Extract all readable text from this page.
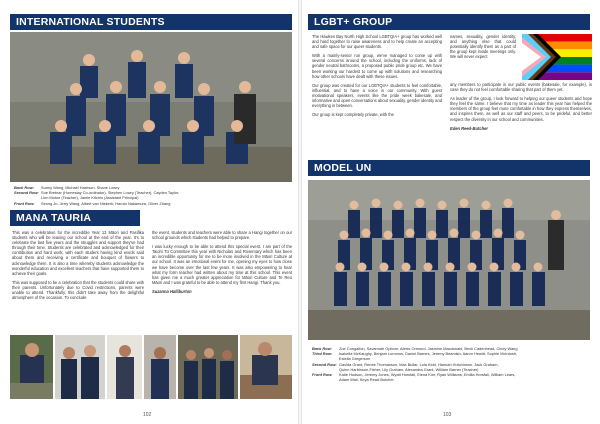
INTERNATIONAL STUDENTS
Back Row: Sunny Wang, Michael Harrison, Shane Lowry
Second Row: Sue Bretnar (Homestay Co-ordinator), Stephen Lowry (Teacher), Cayden Taylor,
Linn Motoe (Teacher), Jamie Kitchin (Assistant Principal)
Front Row: Seong Ju, Jerry Wang, Albert van Niekerk, Haruto Nakamura, Oliver Zhang
MANA TAURIA

This was a celebration for the incredible Year 13 Māori and Pasifika students who will be leaving our school at the end of the year. It's to celebrate the last five years and the struggles and support they've had through their time. Students are celebrated and acknowledged for their contribution and hard work, with each student having kind words said about them and receiving a certificate and bouquet of flowers to acknowledge them. It is also a time whereby students acknowledge the wonderful education and excellent teachers that have supported them to achieve their goals.

This was supposed to be a celebration that the students could share with their parents. Unfortunately due to Covid restrictions, parents were unable to attend. Thankfully, this didn't take away from the delightful atmosphere of the occasion. To conclude

the event, students and teachers were able to share a Hangi together on our school grounds which students had helped to prepare.

I was lucky enough to be able to attend this special event. I am part of the Taiohi Tū Committee this year with Nicholas and Rosemary which has been an incredible opportunity for me to be more involved in the Māori Culture at our school. It was an emotional event for me, opening my eyes to how close we have become over the last few years. It was also empowering to hear what my form teacher had written about my time at this school. This event has given me a much greater appreciation for Māori Culture and Te Reo Māori and I was grateful to be able to attend my first Hangi. Thank you.

Suzanna Halliburton

102
LGBT+ GROUP

The Hawkes Bay North High School LGBTQIA+ group has worked well and hard together to raise awareness and to help create an accepting and safe space for our queer students.

With a mainly-senior run group, we've managed to come up with several concerns around the school, including the uniforms, lack of gender neutral bathrooms, a proposed public pride group etc. We have been working our hardest to come up with solutions and researching how other schools have dealt with these issues.

Our group was created for our LGBTQIA+ students to feel comfortable, influential, and to have a voice in our community. With guest motivational speakers, events like the pride week bakesale, and informative and open conversations about sexuality, gender identity and everything in between.

Our group is kept completely private, with the

names, sexuality, gender identity, and anything else that could potentially identify them as a part of the group kept inside meetings only. We will never expect

any members to participate in our public events (bakesale, for example), in case they do not feel comfortable sharing that part of them yet.

As leader of the group, I look forward to helping our queer students and hope they feel the same. I believe that my time as leader this year has helped the members of the group feel more comfortable in how they express themselves, and inspires them, as well as our staff and peers, to be prideful, and better respect the diversity in our school and communities.

Eden Reed-Butcher

MODEL UN
Back Row: Zoe Congalton, Savannah Opbom, Alexis Ormond, Jasmine Macdonald, Beck Cadenhead, Cindy Wang
Third Row: Isabella McKaughy, Benjam Lummus, Daniel Barnes, Jeremy Beamish, Aaron Hewitt, Sophie McIntosh,
Estella Gregerson
Second Row: Gavida Grant, Renee Thomasson, Max Bullar, Lola Kidd, Hannah Hutchinson, Jack Graham,
Quinn Harbinson-Fisher, Lily Graham, Alexandra Grant, William Barner (Teacher)
Front Row: Katie Hodson, Jeremy Jones, Wyatt Horsfall, Elena Kim, Ryan Williams, Emilia Horsfall, William Lears,
Adam Wall, Keya Read-Butcher
103
